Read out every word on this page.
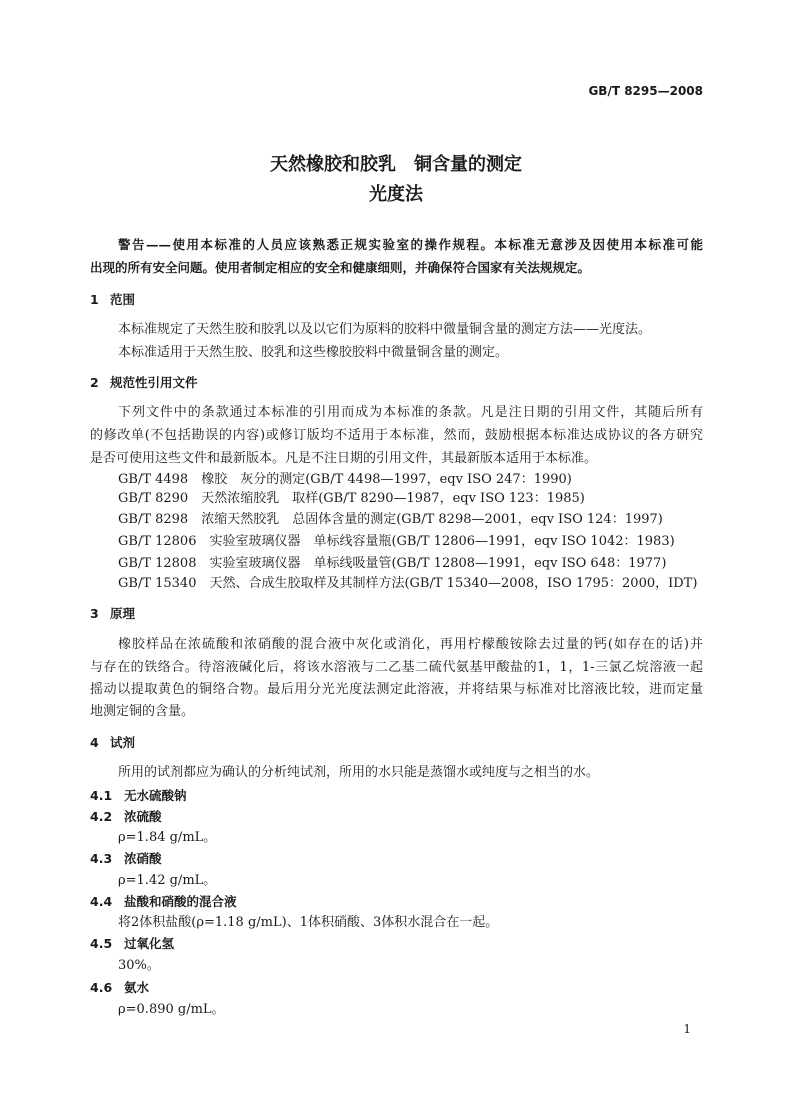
GB/T 8295—2008
天然橡胶和胶乳　铜含量的测定
光度法
警告——使用本标准的人员应该熟悉正规实验室的操作规程。本标准无意涉及因使用本标准可能
出现的所有安全问题。使用者制定相应的安全和健康细则，并确保符合国家有关法规规定。
1 范围
本标准规定了天然生胶和胶乳以及以它们为原料的胶料中微量铜含量的测定方法——光度法。
本标准适用于天然生胶、胶乳和这些橡胶胶料中微量铜含量的测定。
2 规范性引用文件
下列文件中的条款通过本标准的引用而成为本标准的条款。凡是注日期的引用文件，其随后所有
的修改单(不包括勘误的内容)或修订版均不适用于本标准，然而，鼓励根据本标准达成协议的各方研究
是否可使用这些文件和最新版本。凡是不注日期的引用文件，其最新版本适用于本标准。
GB/T 4498　橡胶　灰分的测定(GB/T 4498—1997，eqv ISO 247：1990)
GB/T 8290　天然浓缩胶乳　取样(GB/T 8290—1987，eqv ISO 123：1985)
GB/T 8298　浓缩天然胶乳　总固体含量的测定(GB/T 8298—2001，eqv ISO 124：1997)
GB/T 12806　实验室玻璃仪器　单标线容量瓶(GB/T 12806—1991，eqv ISO 1042：1983)
GB/T 12808　实验室玻璃仪器　单标线吸量管(GB/T 12808—1991，eqv ISO 648：1977)
GB/T 15340　天然、合成生胶取样及其制样方法(GB/T 15340—2008，ISO 1795：2000，IDT)
3 原理
橡胶样品在浓硫酸和浓硝酸的混合液中灰化或消化，再用柠檬酸铵除去过量的钙(如存在的话)并
与存在的铁络合。待溶液碱化后，将该水溶液与二乙基二硫代氨基甲酸盐的1，1，1-三氯乙烷溶液一起
摇动以提取黄色的铜络合物。最后用分光光度法测定此溶液，并将结果与标准对比溶液比较，进而定量
地测定铜的含量。
4 试剂
所用的试剂都应为确认的分析纯试剂，所用的水只能是蒸馏水或纯度与之相当的水。
4.1 无水硫酸钠
4.2 浓硫酸
ρ=1.84 g/mL。
4.3 浓硝酸
ρ=1.42 g/mL。
4.4 盐酸和硝酸的混合液
将2体积盐酸(ρ=1.18 g/mL)、1体积硝酸、3体积水混合在一起。
4.5 过氧化氢
30%。
4.6 氨水
ρ=0.890 g/mL。
1
